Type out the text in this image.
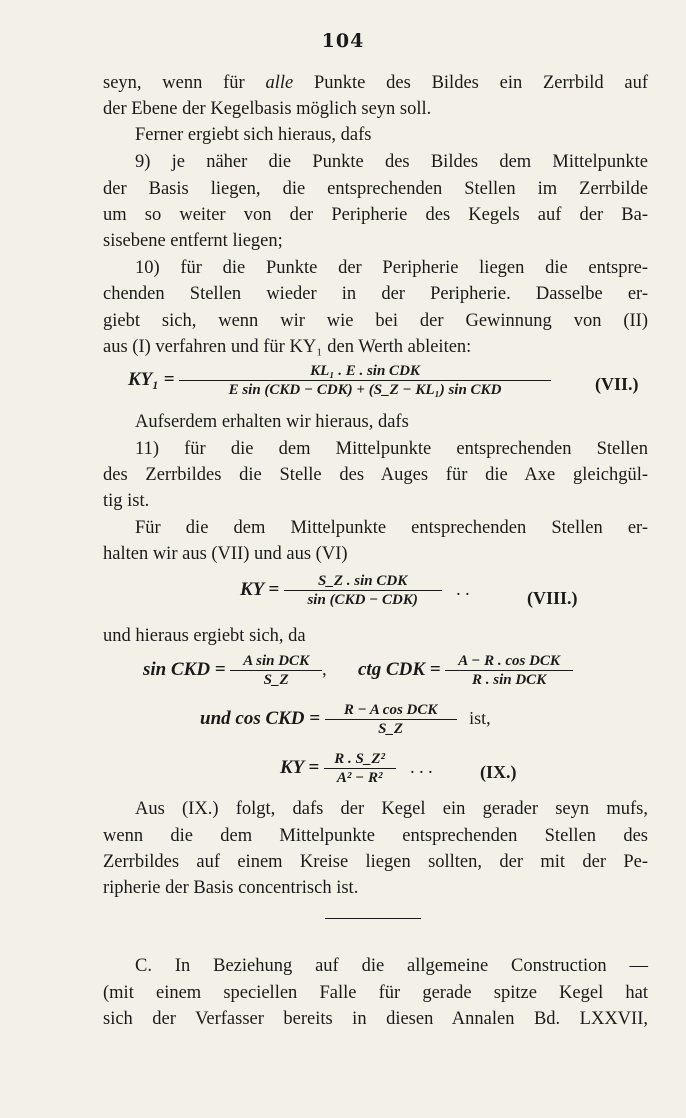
104
seyn, wenn für alle Punkte des Bildes ein Zerrbild auf
der Ebene der Kegelbasis möglich seyn soll.
Ferner ergiebt sich hieraus, dafs
9) je näher die Punkte des Bildes dem Mittelpunkte
der Basis liegen, die entsprechenden Stellen im Zerrbilde
um so weiter von der Peripherie des Kegels auf der Ba-
sisebene entfernt liegen;
10) für die Punkte der Peripherie liegen die entspre-
chenden Stellen wieder in der Peripherie. Dasselbe er-
giebt sich, wenn wir wie bei der Gewinnung von (II)
aus (I) verfahren und für KY₁ den Werth ableiten:
$KY_1 = \frac{\text{KL₁ . E . sin CDK}}{\text{E sin (CKD − CDK) + (S\_Z − KL₁) sin CKD}} (VII.)$
Aufserdem erhalten wir hieraus, dafs
11) für die dem Mittelpunkte entsprechenden Stellen
des Zerrbildes die Stelle des Auges für die Axe gleichgül-
tig ist.
Für die dem Mittelpunkte entsprechenden Stellen er-
halten wir aus (VII) und aus (VI)
KY = $\frac{\text{S\_Z . sin CDK}}{\text{sin (CKD − CDK)}}$ . .	(VIII.)
und hieraus ergiebt sich, da
sin CKD = $\frac{\text{A sin DCK}}{S\_Z}$ , ctg CDK = $\frac{\text{A − R . cos DCK}}{\text{R . sin DCK}}$
und cos CKD = $\frac{\text{R − A cos DCK}}{S\_Z}$ ist,
KY = $\frac{\text{R . S\_Z²}}{\text{A² − R²}}$ . . .	(IX.)
Aus (IX.) folgt, dafs der Kegel ein gerader seyn mufs,
wenn die dem Mittelpunkte entsprechenden Stellen des
Zerrbildes auf einem Kreise liegen sollten, der mit der Pe-
ripherie der Basis concentrisch ist.
C. In Beziehung auf die allgemeine Construction —
(mit einem speciellen Falle für gerade spitze Kegel hat
sich der Verfasser bereits in diesen Annalen Bd. LXXVII,
